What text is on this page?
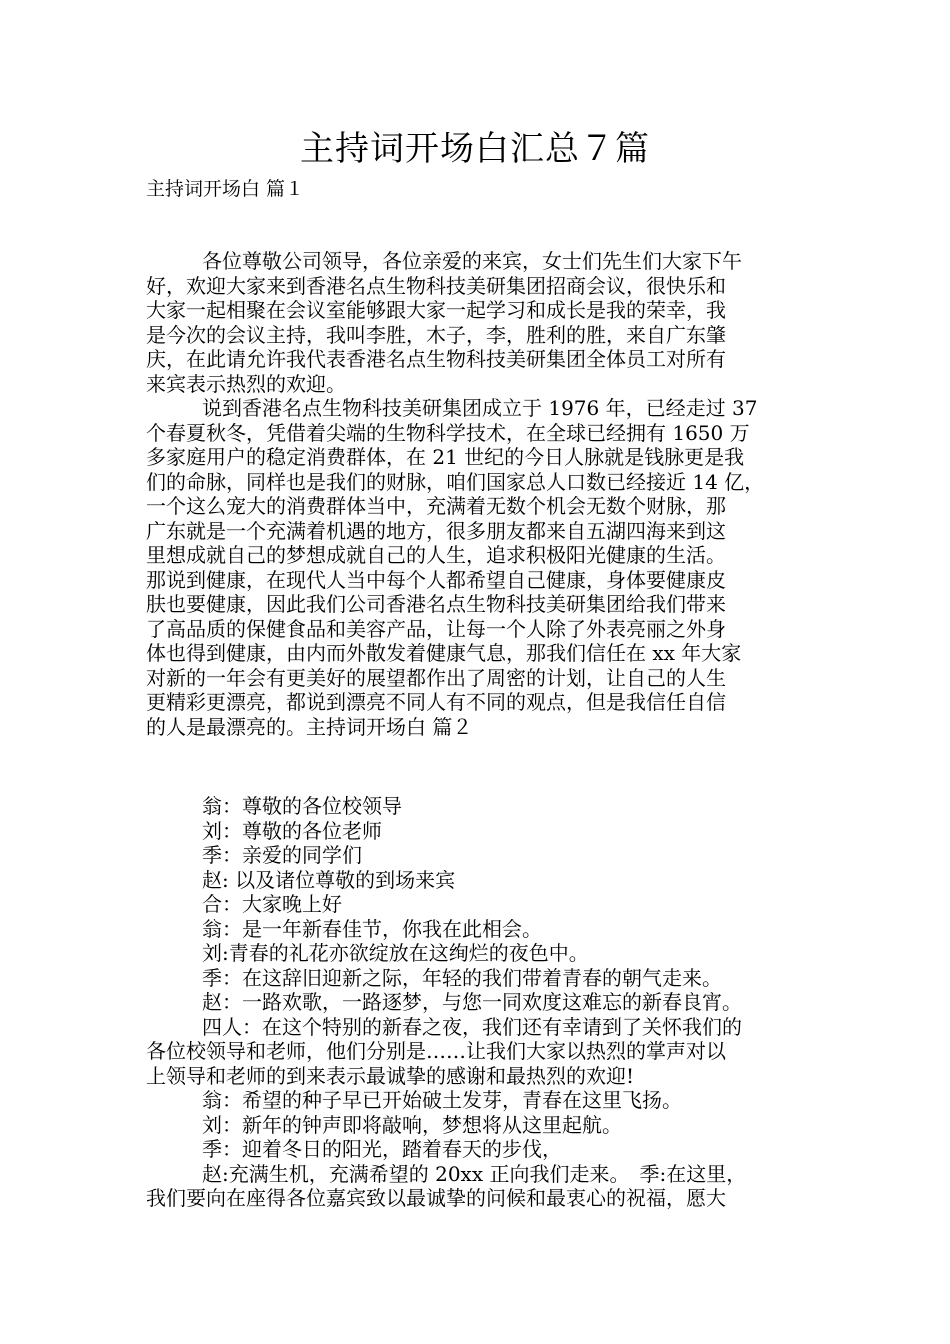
主持词开场白汇总７篇
主持词开场白 篇１
各位尊敬公司领导，各位亲爱的来宾，女士们先生们大家下午
好，欢迎大家来到香港名点生物科技美研集团招商会议，很快乐和
大家一起相聚在会议室能够跟大家一起学习和成长是我的荣幸，我
是今次的会议主持，我叫李胜，木子，李，胜利的胜，来自广东肇
庆，在此请允许我代表香港名点生物科技美研集团全体员工对所有
来宾表示热烈的欢迎。
说到香港名点生物科技美研集团成立于 1976 年，已经走过 37
个春夏秋冬，凭借着尖端的生物科学技术，在全球已经拥有 1650 万
多家庭用户的稳定消费群体，在 21 世纪的今日人脉就是钱脉更是我
们的命脉，同样也是我们的财脉，咱们国家总人口数已经接近 14 亿，
一个这么宠大的消费群体当中，充满着无数个机会无数个财脉，那
广东就是一个充满着机遇的地方，很多朋友都来自五湖四海来到这
里想成就自己的梦想成就自己的人生，追求积极阳光健康的生活。
那说到健康，在现代人当中每个人都希望自己健康，身体要健康皮
肤也要健康，因此我们公司香港名点生物科技美研集团给我们带来
了高品质的保健食品和美容产品，让每一个人除了外表亮丽之外身
体也得到健康，由内而外散发着健康气息，那我们信任在 xx 年大家
对新的一年会有更美好的展望都作出了周密的计划，让自己的人生
更精彩更漂亮，都说到漂亮不同人有不同的观点，但是我信任自信
的人是最漂亮的。主持词开场白 篇２
翁：尊敬的各位校领导
刘：尊敬的各位老师
季：亲爱的同学们
赵: 以及诸位尊敬的到场来宾
合：大家晚上好
翁：是一年新春佳节，你我在此相会。
刘:青春的礼花亦欲绽放在这绚烂的夜色中。
季：在这辞旧迎新之际，年轻的我们带着青春的朝气走来。
赵：一路欢歌，一路逐梦，与您一同欢度这难忘的新春良宵。
四人：在这个特别的新春之夜，我们还有幸请到了关怀我们的
各位校领导和老师，他们分别是……让我们大家以热烈的掌声对以
上领导和老师的到来表示最诚挚的感谢和最热烈的欢迎!
翁：希望的种子早已开始破土发芽，青春在这里飞扬。
刘：新年的钟声即将敲响，梦想将从这里起航。
季：迎着冬日的阳光，踏着春天的步伐，
赵:充满生机，充满希望的 20xx 正向我们走来。　季:在这里，
我们要向在座得各位嘉宾致以最诚挚的问候和最衷心的祝福，愿大
